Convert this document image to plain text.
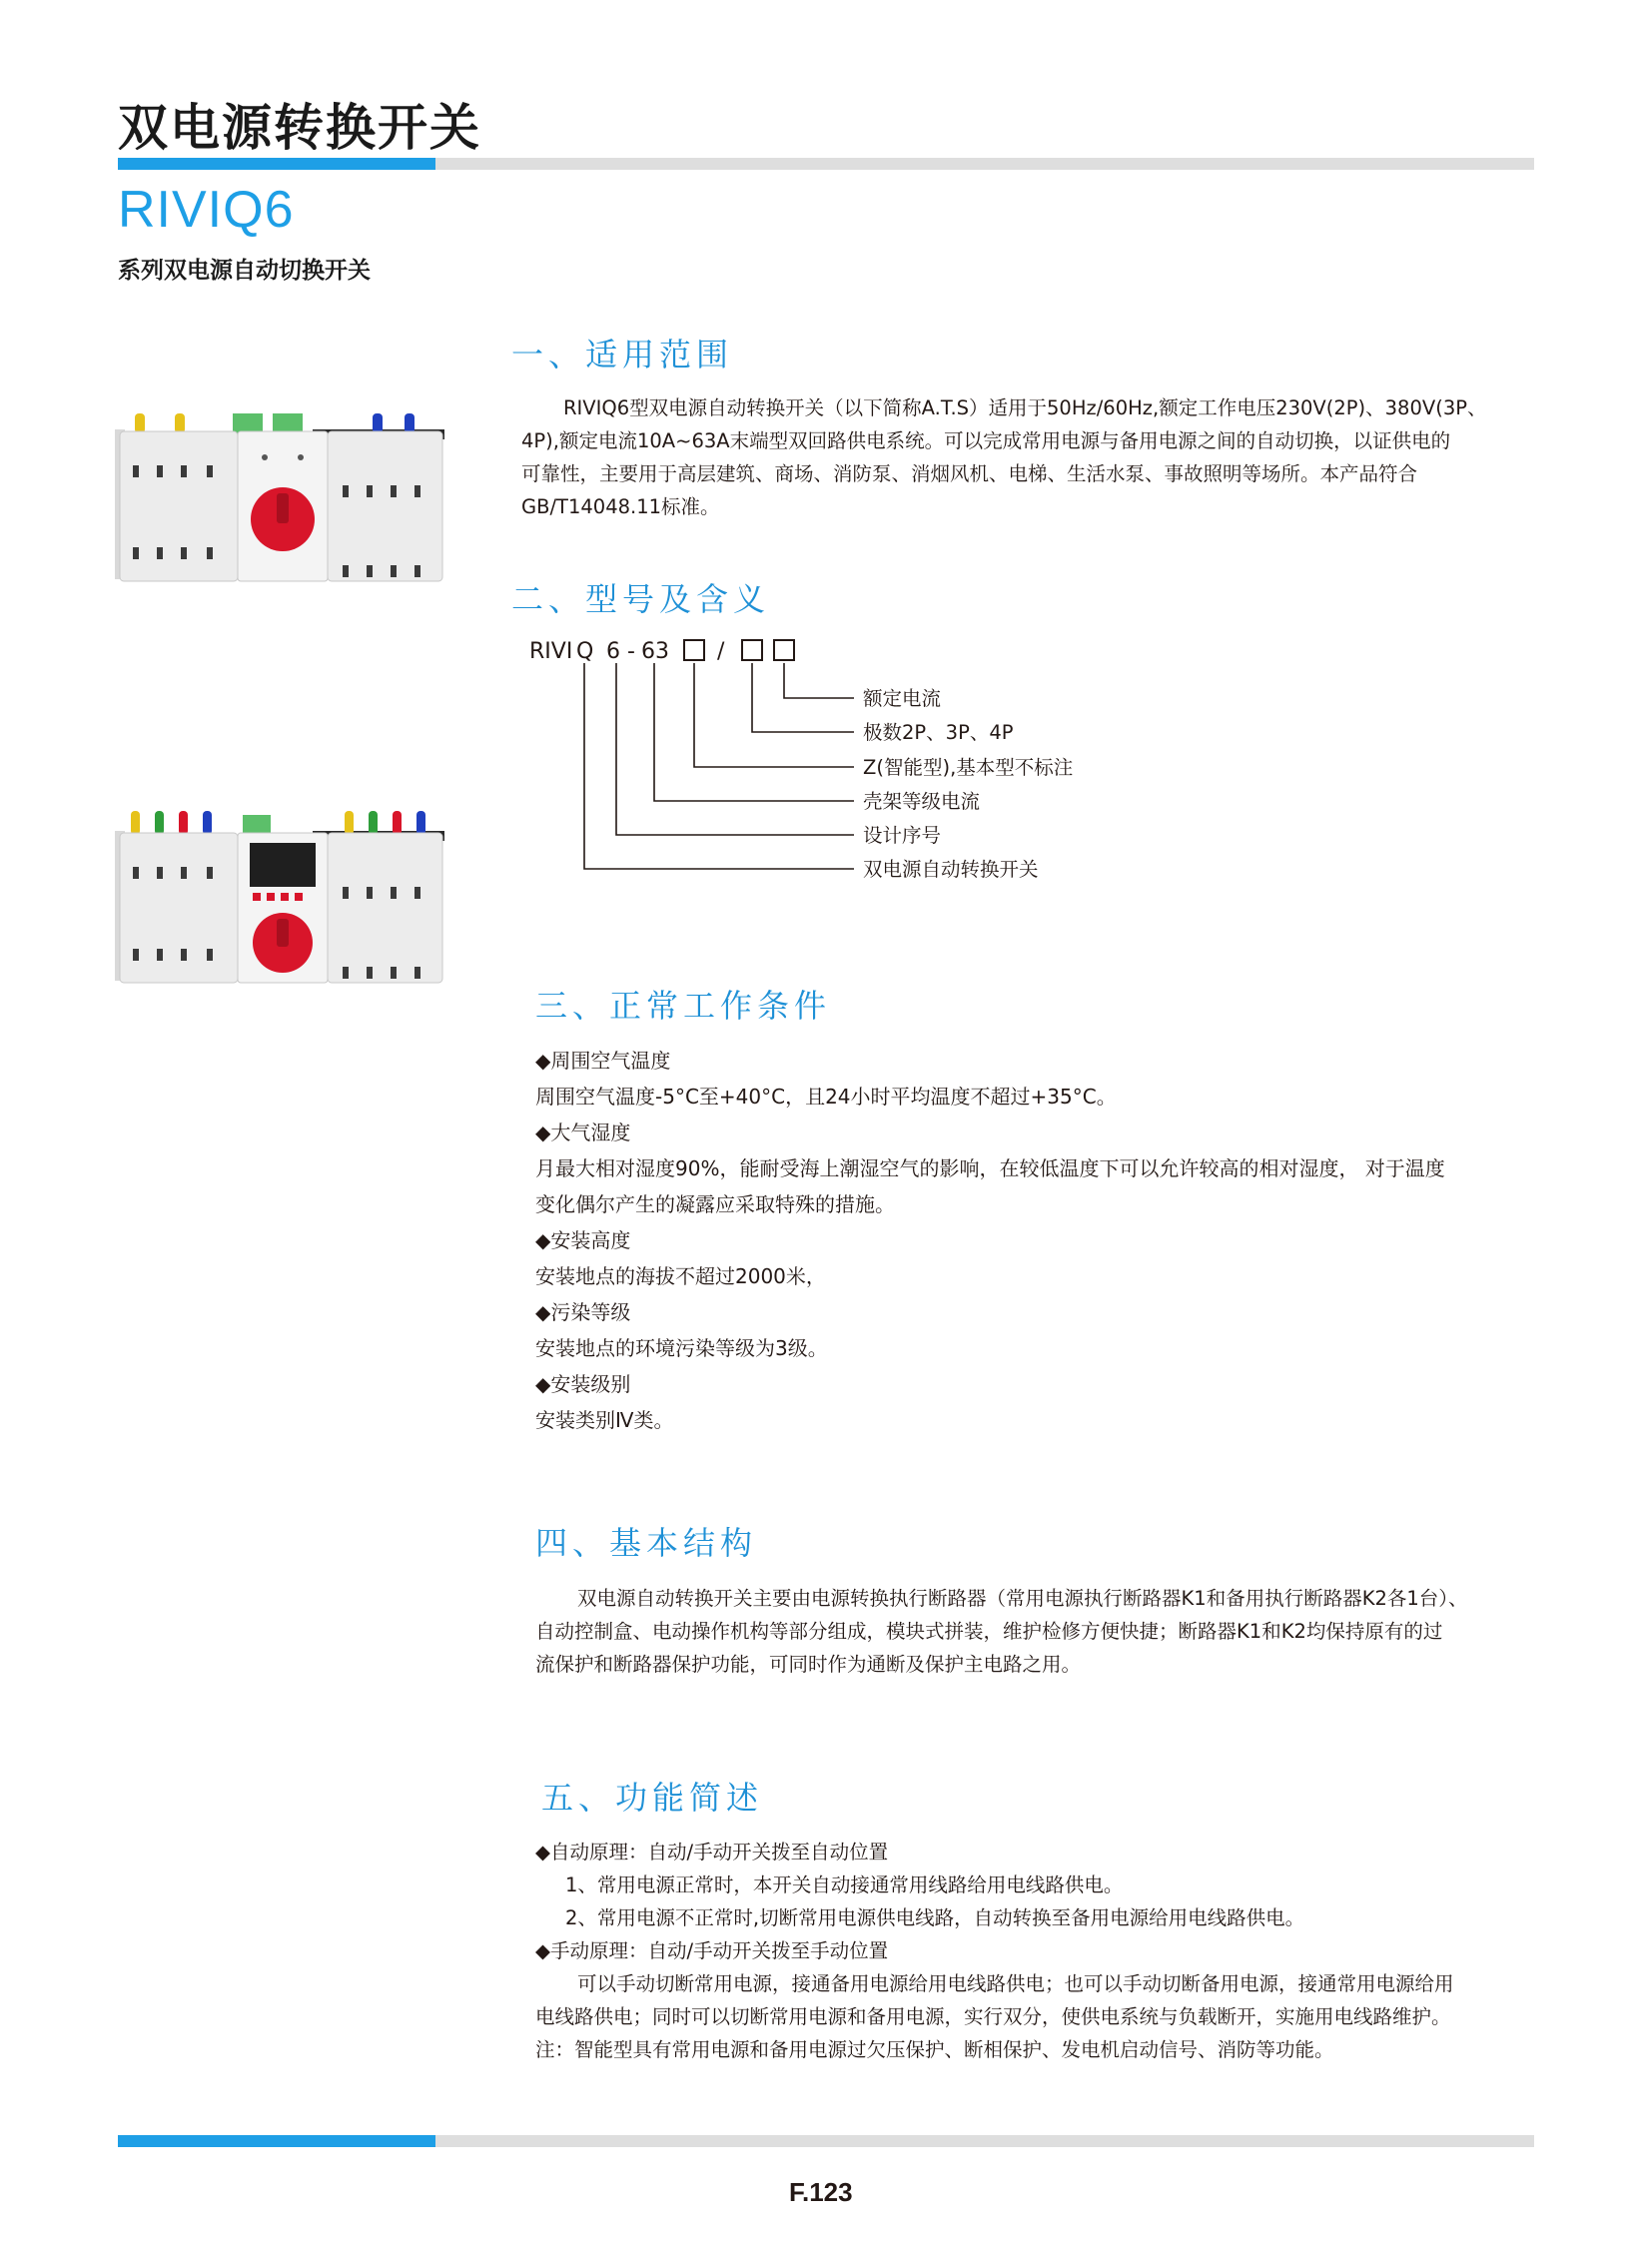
双电源转换开关
RIVIQ6
系列双电源自动切换开关
一、适用范围

RIVIQ6型双电源自动转换开关（以下简称A.T.S）适用于50Hz/60Hz,额定工作电压230V(2P)、380V(3P、

4P),额定电流10A~63A末端型双回路供电系统。可以完成常用电源与备用电源之间的自动切换，以证供电的

可靠性，主要用于高层建筑、商场、消防泵、消烟风机、电梯、生活水泵、事故照明等场所。本产品符合

GB/T14048.11标准。

二、型号及含义
RIVI Q 6 - 63 /
额定电流
极数2P、3P、4P
Z(智能型),基本型不标注
壳架等级电流
设计序号
双电源自动转换开关
三、正常工作条件
◆周围空气温度
周围空气温度-5°C至+40°C，且24小时平均温度不超过+35°C。
◆大气湿度
月最大相对湿度90%，能耐受海上潮湿空气的影响，在较低温度下可以允许较高的相对湿度， 对于温度
变化偶尔产生的凝露应采取特殊的措施。
◆安装高度
安装地点的海拔不超过2000米，
◆污染等级
安装地点的环境污染等级为3级。
◆安装级别
安装类别Ⅳ类。
四、基本结构

双电源自动转换开关主要由电源转换执行断路器（常用电源执行断路器K1和备用执行断路器K2各1台）、

自动控制盒、电动操作机构等部分组成，模块式拼装，维护检修方便快捷；断路器K1和K2均保持原有的过

流保护和断路器保护功能，可同时作为通断及保护主电路之用。

五、功能简述

◆自动原理：自动/手动开关拨至自动位置

1、常用电源正常时，本开关自动接通常用线路给用电线路供电。

2、常用电源不正常时,切断常用电源供电线路，自动转换至备用电源给用电线路供电。

◆手动原理：自动/手动开关拨至手动位置

可以手动切断常用电源，接通备用电源给用电线路供电；也可以手动切断备用电源，接通常用电源给用

电线路供电；同时可以切断常用电源和备用电源，实行双分，使供电系统与负载断开，实施用电线路维护。

注：智能型具有常用电源和备用电源过欠压保护、断相保护、发电机启动信号、消防等功能。

F.123
